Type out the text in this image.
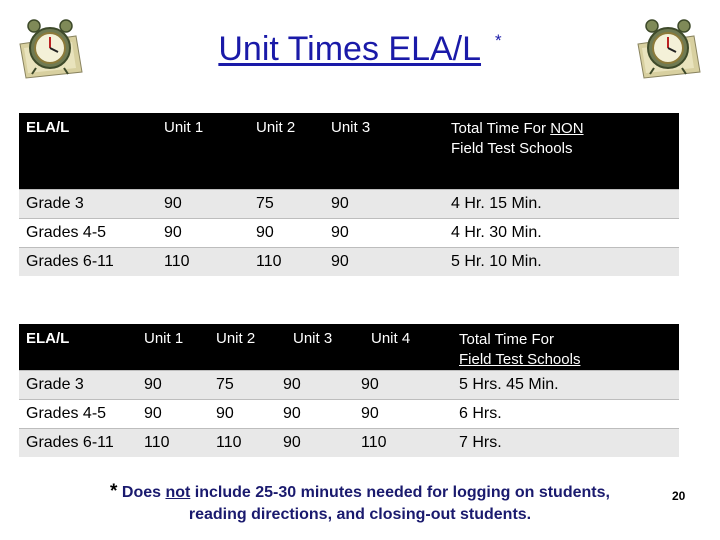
Unit Times ELA/L *
ELA/L	Unit 1	Unit 2	Unit 3	Total Time For NON
Field Test Schools
Grade 3	90	75	90	4 Hr. 15 Min.
Grades 4-5	90	90	90	4 Hr. 30 Min.
Grades 6-11	110	110	90	5 Hr. 10 Min.
ELA/L	Unit 1	Unit 2	Unit 3	Unit 4	Total Time For
Field Test Schools
Grade 3	90	75	90	90	5 Hrs. 45 Min.
Grades 4-5	90	90	90	90	6 Hrs.
Grades 6-11	110	110	90	110	7 Hrs.
* Does not include 25-30 minutes needed for logging on students,
reading directions, and closing-out students.
20
